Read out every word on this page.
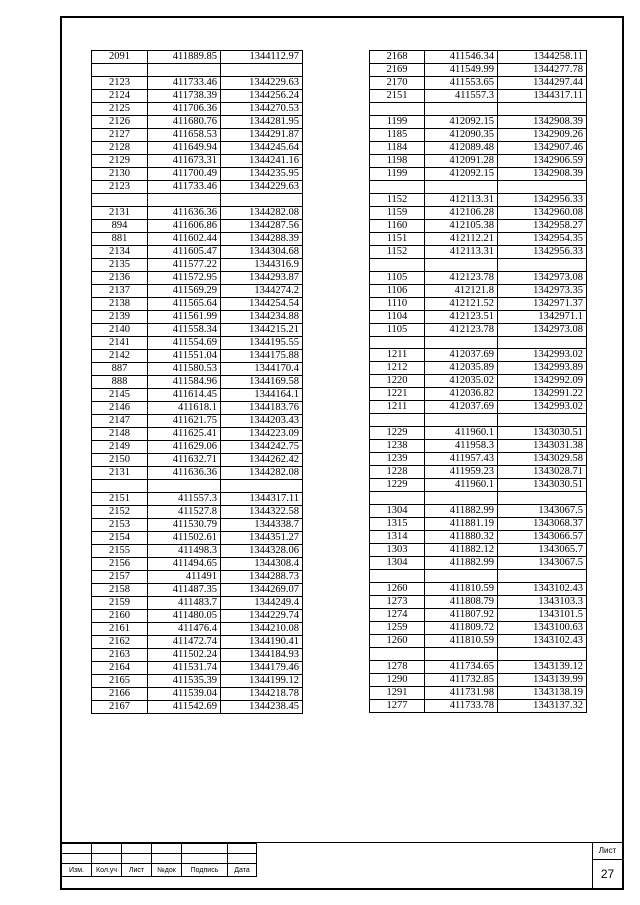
2091	411889.85	1344112.97

2123	411733.46	1344229.63
2124	411738.39	1344256.24
2125	411706.36	1344270.53
2126	411680.76	1344281.95
2127	411658.53	1344291.87
2128	411649.94	1344245.64
2129	411673.31	1344241.16
2130	411700.49	1344235.95
2123	411733.46	1344229.63

2131	411636.36	1344282.08
894	411606.86	1344287.56
881	411602.44	1344288.39
2134	411605.47	1344304.68
2135	411577.22	1344316.9
2136	411572.95	1344293.87
2137	411569.29	1344274.2
2138	411565.64	1344254.54
2139	411561.99	1344234.88
2140	411558.34	1344215.21
2141	411554.69	1344195.55
2142	411551.04	1344175.88
887	411580.53	1344170.4
888	411584.96	1344169.58
2145	411614.45	1344164.1
2146	411618.1	1344183.76
2147	411621.75	1344203.43
2148	411625.41	1344223.09
2149	411629.06	1344242.75
2150	411632.71	1344262.42
2131	411636.36	1344282.08

2151	411557.3	1344317.11
2152	411527.8	1344322.58
2153	411530.79	1344338.7
2154	411502.61	1344351.27
2155	411498.3	1344328.06
2156	411494.65	1344308.4
2157	411491	1344288.73
2158	411487.35	1344269.07
2159	411483.7	1344249.4
2160	411480.05	1344229.74
2161	411476.4	1344210.08
2162	411472.74	1344190.41
2163	411502.24	1344184.93
2164	411531.74	1344179.46
2165	411535.39	1344199.12
2166	411539.04	1344218.78
2167	411542.69	1344238.45
2168	411546.34	1344258.11
2169	411549.99	1344277.78
2170	411553.65	1344297.44
2151	411557.3	1344317.11

1199	412092.15	1342908.39
1185	412090.35	1342909.26
1184	412089.48	1342907.46
1198	412091.28	1342906.59
1199	412092.15	1342908.39

1152	412113.31	1342956.33
1159	412106.28	1342960.08
1160	412105.38	1342958.27
1151	412112.21	1342954.35
1152	412113.31	1342956.33

1105	412123.78	1342973.08
1106	412121.8	1342973.35
1110	412121.52	1342971.37
1104	412123.51	1342971.1
1105	412123.78	1342973.08

1211	412037.69	1342993.02
1212	412035.89	1342993.89
1220	412035.02	1342992.09
1221	412036.82	1342991.22
1211	412037.69	1342993.02

1229	411960.1	1343030.51
1238	411958.3	1343031.38
1239	411957.43	1343029.58
1228	411959.23	1343028.71
1229	411960.1	1343030.51

1304	411882.99	1343067.5
1315	411881.19	1343068.37
1314	411880.32	1343066.57
1303	411882.12	1343065.7
1304	411882.99	1343067.5

1260	411810.59	1343102.43
1273	411808.79	1343103.3
1274	411807.92	1343101.5
1259	411809.72	1343100.63
1260	411810.59	1343102.43

1278	411734.65	1343139.12
1290	411732.85	1343139.99
1291	411731.98	1343138.19
1277	411733.78	1343137.32

Изм.	Кол.уч	Лист	№док	Подпись	Дата
Лист
27
